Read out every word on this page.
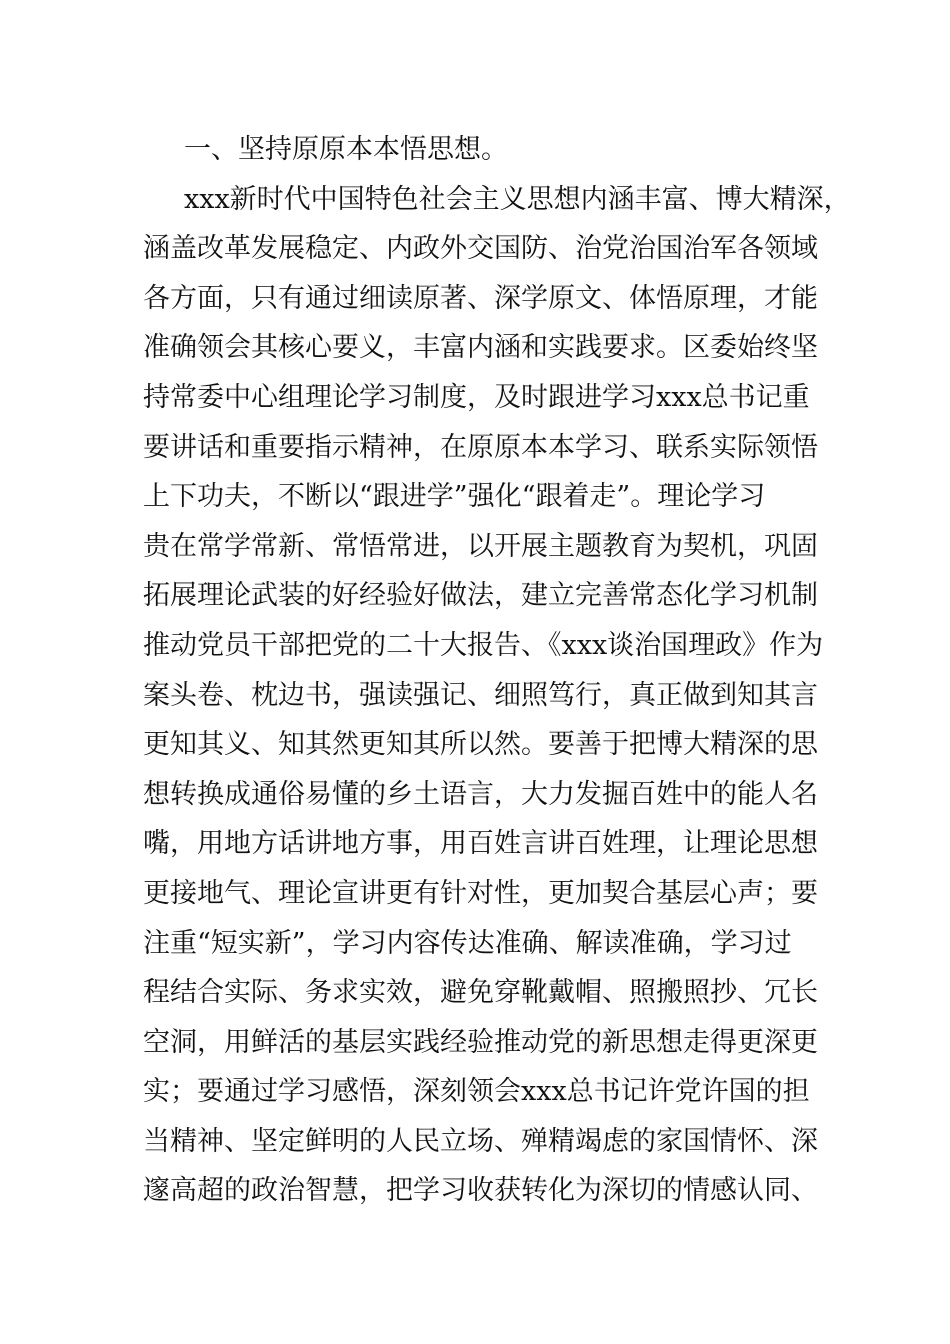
一、坚持原原本本悟思想。
xxx新时代中国特色社会主义思想内涵丰富、博大精深，
涵盖改革发展稳定、内政外交国防、治党治国治军各领域
各方面，只有通过细读原著、深学原文、体悟原理，才能
准确领会其核心要义，丰富内涵和实践要求。区委始终坚
持常委中心组理论学习制度，及时跟进学习xxx总书记重
要讲话和重要指示精神，在原原本本学习、联系实际领悟
上下功夫，不断以“跟进学”强化“跟着走”。理论学习
贵在常学常新、常悟常进，以开展主题教育为契机，巩固
拓展理论武装的好经验好做法，建立完善常态化学习机制
推动党员干部把党的二十大报告、《xxx谈治国理政》作为
案头卷、枕边书，强读强记、细照笃行，真正做到知其言
更知其义、知其然更知其所以然。要善于把博大精深的思
想转换成通俗易懂的乡土语言，大力发掘百姓中的能人名
嘴，用地方话讲地方事，用百姓言讲百姓理，让理论思想
更接地气、理论宣讲更有针对性，更加契合基层心声；要
注重“短实新”，学习内容传达准确、解读准确，学习过
程结合实际、务求实效，避免穿靴戴帽、照搬照抄、冗长
空洞，用鲜活的基层实践经验推动党的新思想走得更深更
实；要通过学习感悟，深刻领会xxx总书记许党许国的担
当精神、坚定鲜明的人民立场、殚精竭虑的家国情怀、深
邃高超的政治智慧，把学习收获转化为深切的情感认同、
